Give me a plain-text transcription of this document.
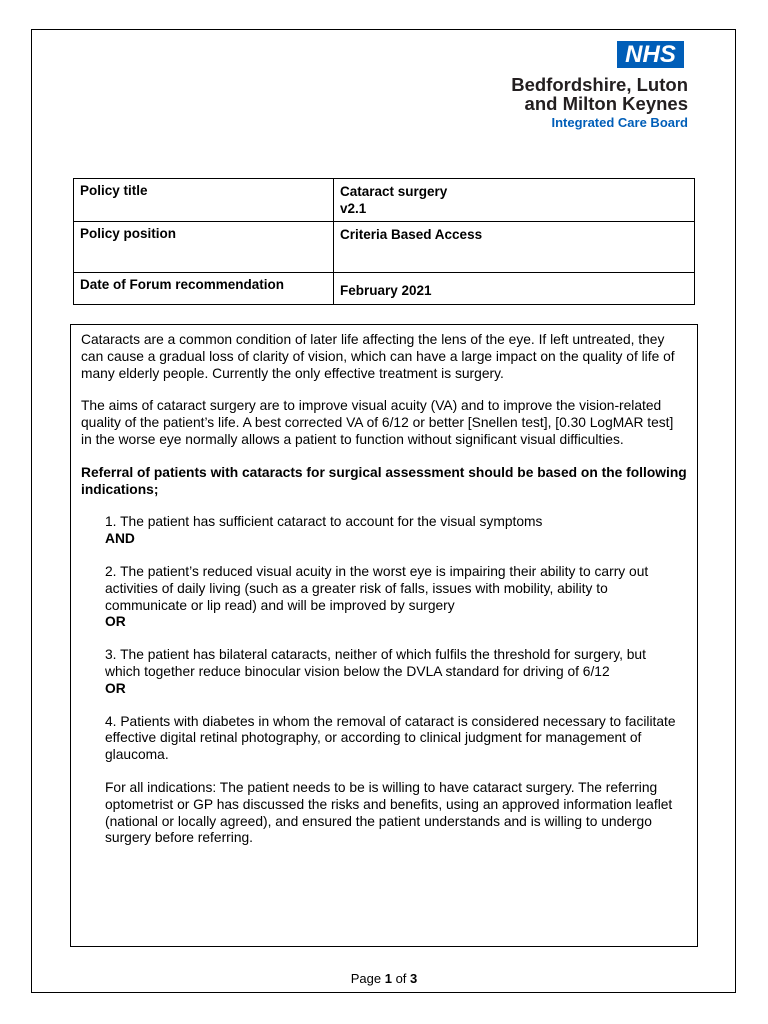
NHS
Bedfordshire, Luton
and Milton Keynes
Integrated Care Board
Policy title	Cataract surgery
v2.1

Policy position	Criteria Based Access

Date of Forum recommendation	February 2021

Cataracts are a common condition of later life affecting the lens of the eye. If left untreated, they can cause a gradual loss of clarity of vision, which can have a large impact on the quality of life of many elderly people. Currently the only effective treatment is surgery.

The aims of cataract surgery are to improve visual acuity (VA) and to improve the vision-related quality of the patient’s life. A best corrected VA of 6/12 or better [Snellen test], [0.30 LogMAR test] in the worse eye normally allows a patient to function without significant visual difficulties.

Referral of patients with cataracts for surgical assessment should be based on the following indications;

1. The patient has sufficient cataract to account for the visual symptoms
AND

2. The patient’s reduced visual acuity in the worst eye is impairing their ability to carry out activities of daily living (such as a greater risk of falls, issues with mobility, ability to communicate or lip read) and will be improved by surgery
OR

3. The patient has bilateral cataracts, neither of which fulfils the threshold for surgery, but which together reduce binocular vision below the DVLA standard for driving of 6/12
OR

4. Patients with diabetes in whom the removal of cataract is considered necessary to facilitate effective digital retinal photography, or according to clinical judgment for management of glaucoma.

For all indications: The patient needs to be is willing to have cataract surgery. The referring optometrist or GP has discussed the risks and benefits, using an approved information leaflet (national or locally agreed), and ensured the patient understands and is willing to undergo surgery before referring.

Page 1 of 3
